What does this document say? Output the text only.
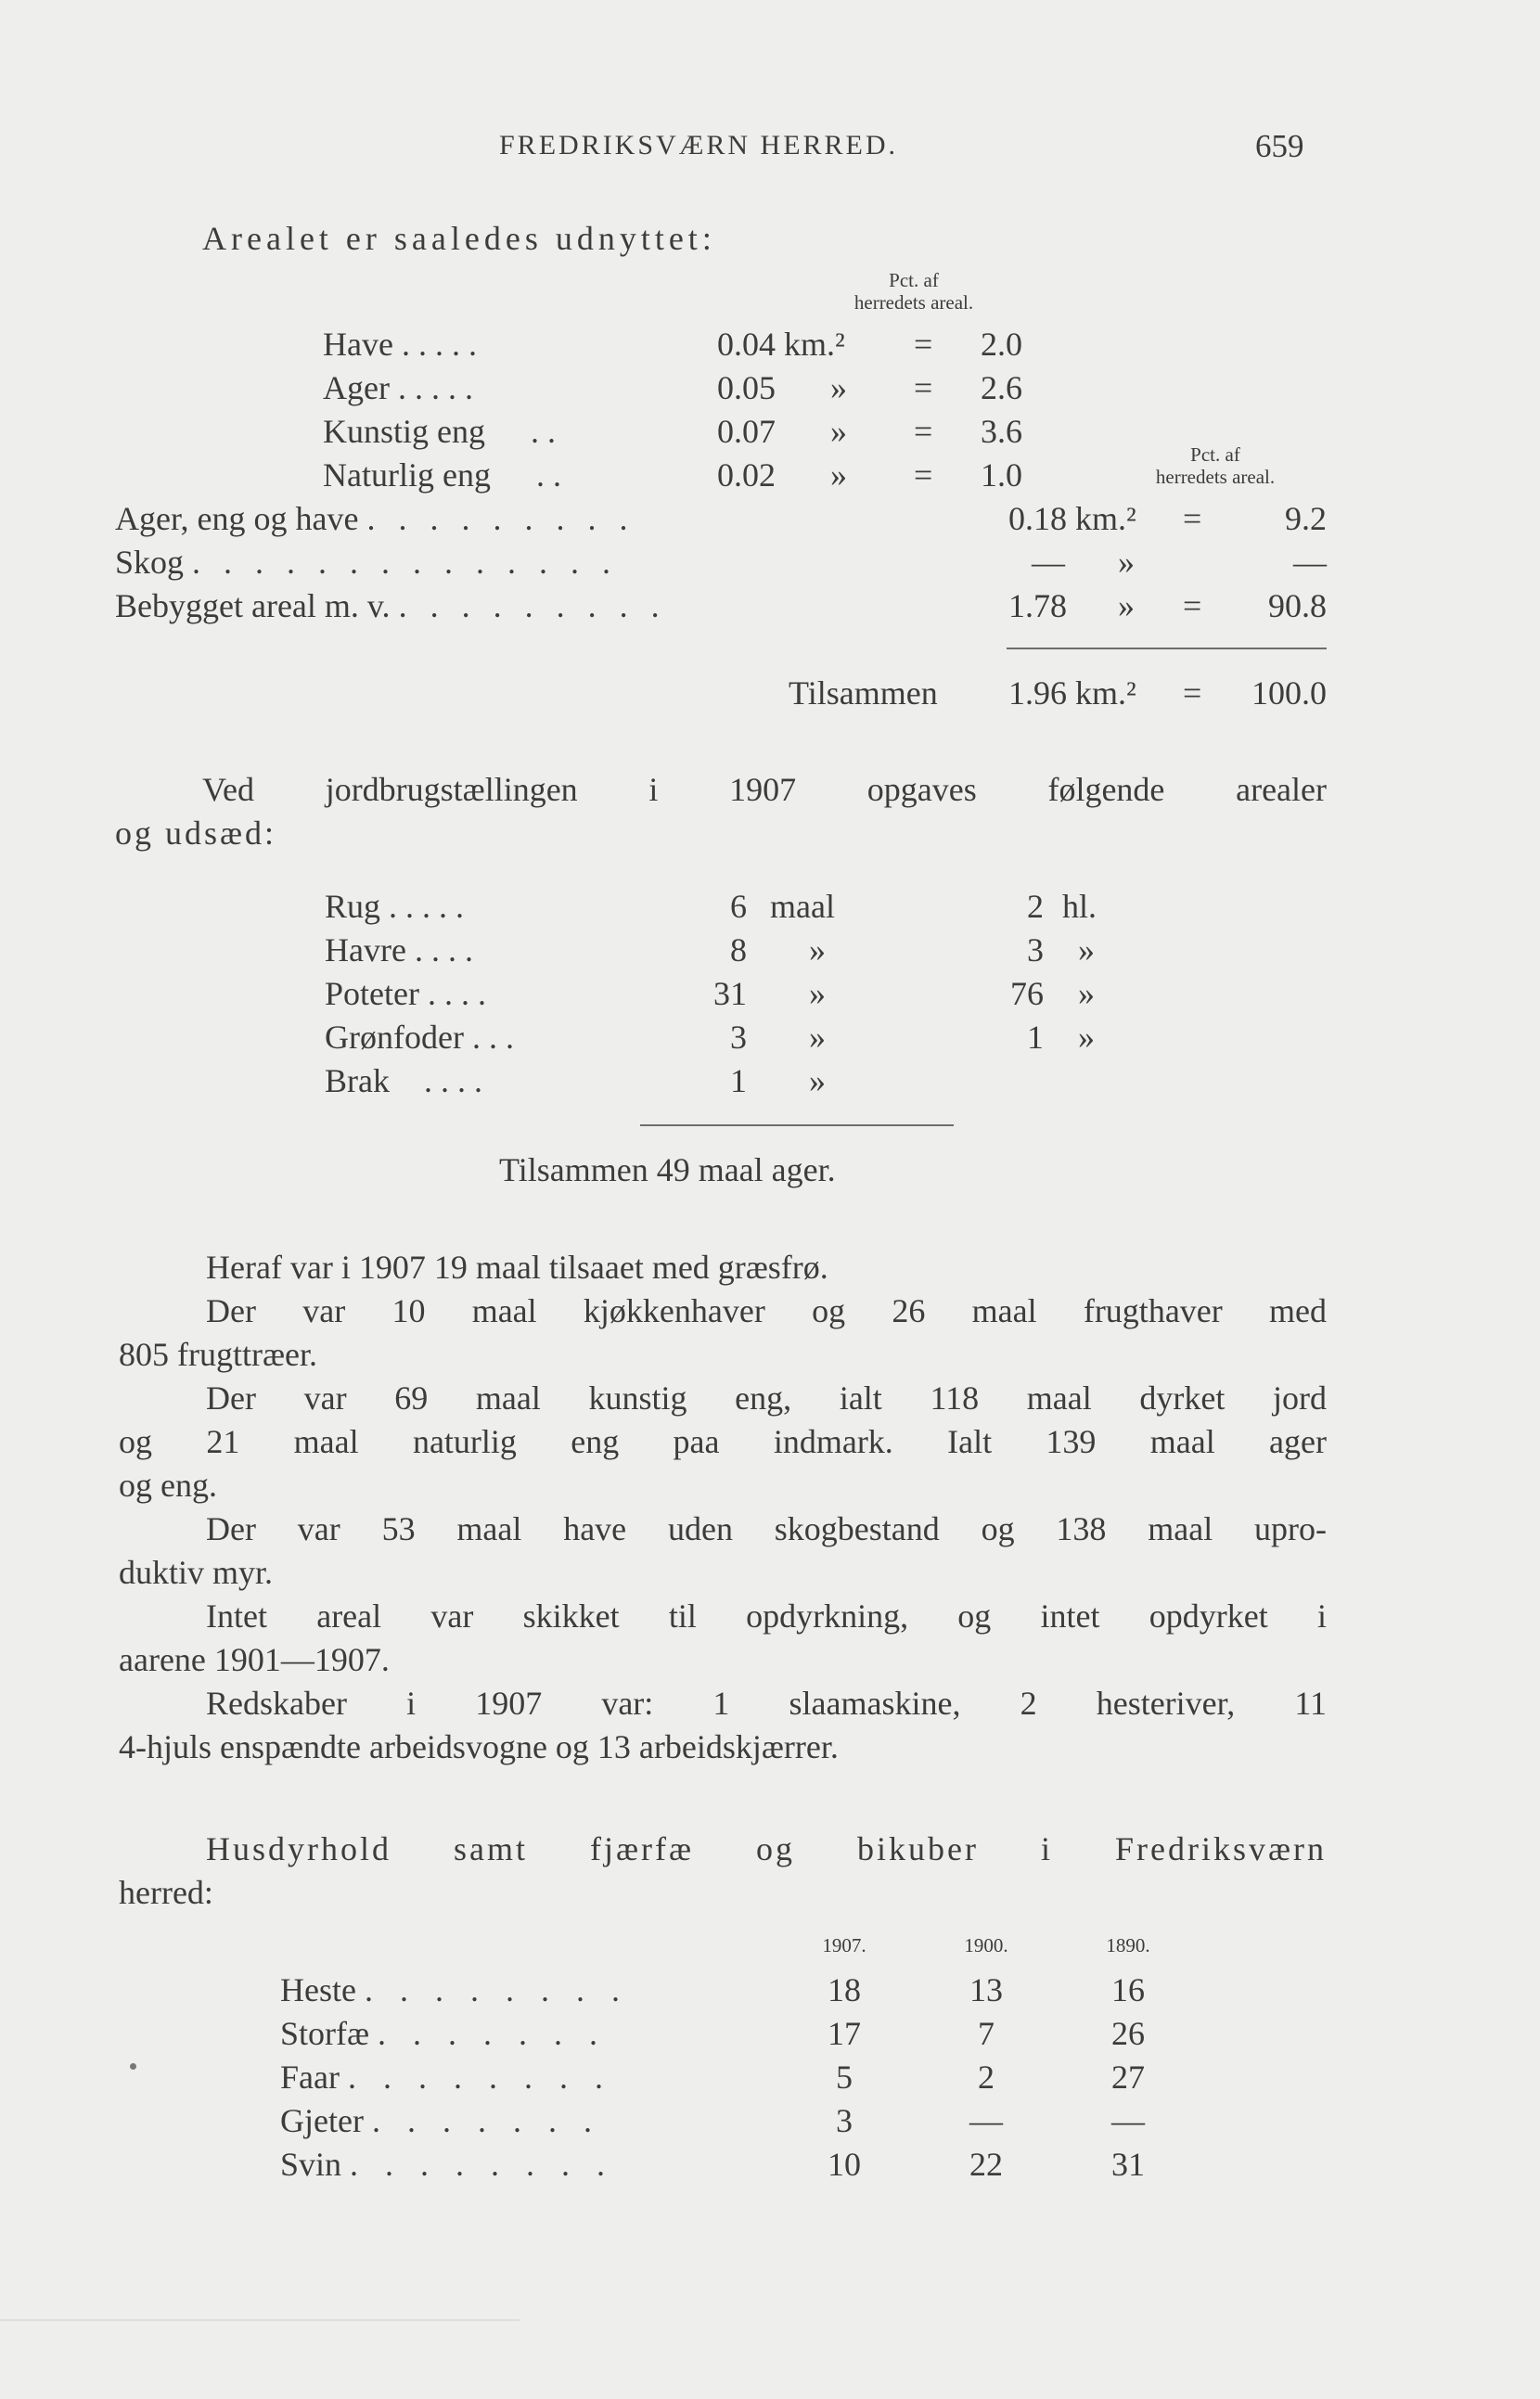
FREDRIKSVÆRN HERRED.	659
Arealet er saaledes udnyttet:
Pct. af
herredets areal.
Have . . . . .	0.04 km.² =	2.0
Ager . . . . .	0.05 » =	2.6
Kunstig eng . .	0.07 » =	3.6
Naturlig eng . .	0.02 » =	1.0
Pct. af
herredets areal.
Ager, eng og have . . . . . . . . .	0.18 km.² =	9.2
Skog . . . . . . . . . . . . . .	— »	—
Bebygget areal m. v. . . . . . . . . .	1.78 » =	90.8
Tilsammen 1.96 km.² =	100.0
Ved jordbrugstællingen i 1907 opgaves følgende arealer
og udsæd:
Rug . . . . .	6 maal	2 hl.
Havre . . . .	8 »	3 »
Poteter . . . .	31 »	76 »
Grønfoder . . .	3 »	1 »
Brak . . . .	1 »
Tilsammen 49 maal ager.
Heraf var i 1907 19 maal tilsaaet med græsfrø.
Der var 10 maal kjøkkenhaver og 26 maal frugthaver med
805 frugttræer.
Der var 69 maal kunstig eng, ialt 118 maal dyrket jord
og 21 maal naturlig eng paa indmark. Ialt 139 maal ager
og eng.
Der var 53 maal have uden skogbestand og 138 maal upro-
duktiv myr.
Intet areal var skikket til opdyrkning, og intet opdyrket i
aarene 1901—1907.
Redskaber i 1907 var: 1 slaamaskine, 2 hesteriver, 11
4-hjuls enspændte arbeidsvogne og 13 arbeidskjærrer.
Husdyrhold samt fjærfæ og bikuber i Fredriksværn
herred:
1907.	1900.	1890.
Heste . . . . . . . .	18	13	16
Storfæ . . . . . . .	17	7	26
Faar . . . . . . . .	5	2	27
Gjeter . . . . . . .	3	—	—
Svin . . . . . . . .	10	22	31
